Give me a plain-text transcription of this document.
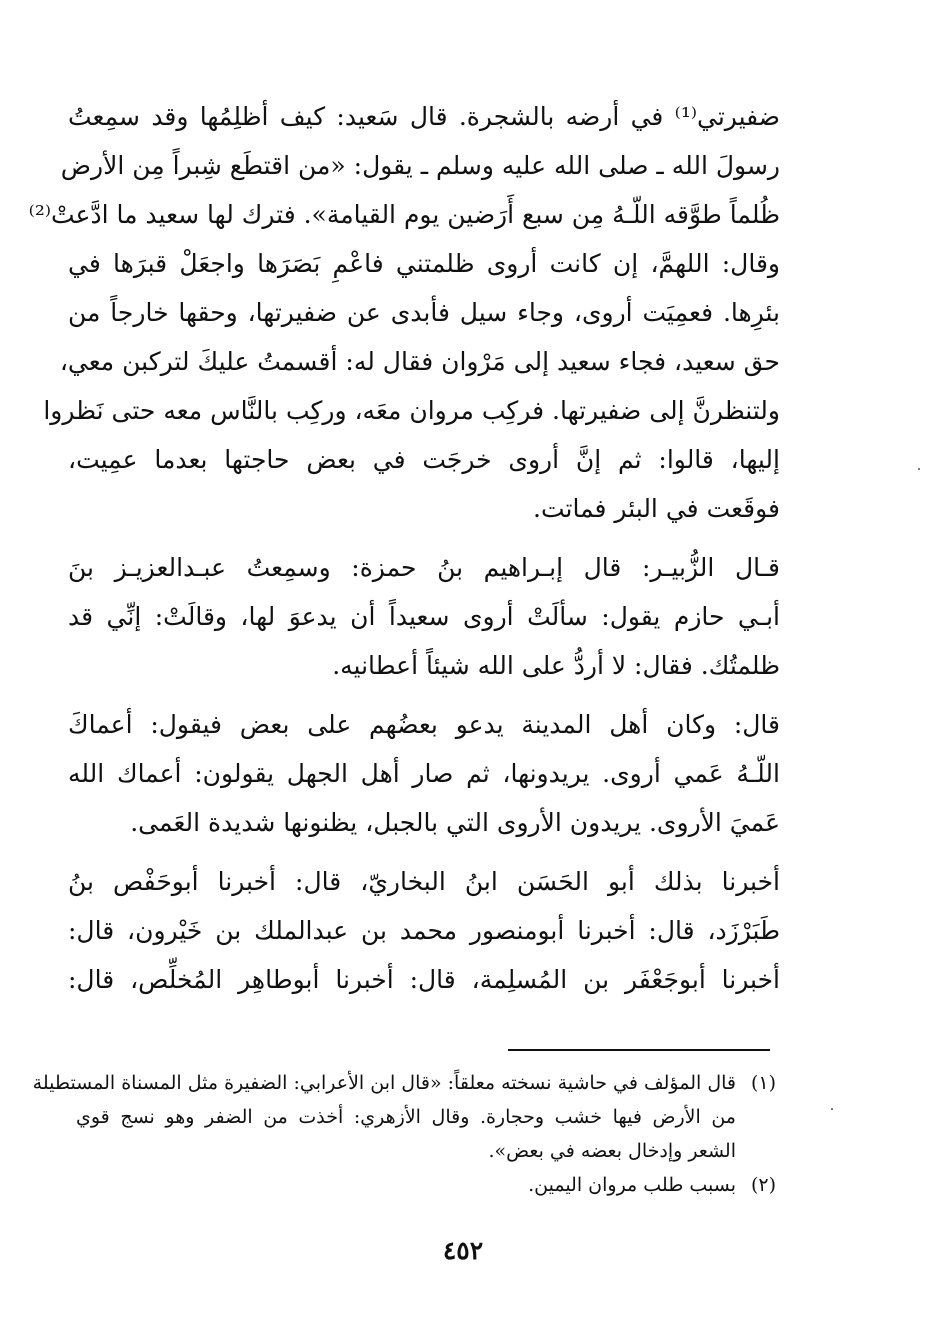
ضفيرتي⁽¹⁾ في أرضه بالشجرة. قال سَعيد: كيف أظلِمُها وقد سمِعتُ
رسولَ الله ـ صلى الله عليه وسلم ـ يقول: «من اقتطَع شِبراً مِن الأرض
ظُلماً طوَّقه اللّـهُ مِن سبع أَرَضين يوم القيامة». فترك لها سعيد ما ادَّعتْ⁽²⁾
وقال: اللهمَّ، إن كانت أروى ظلمتني فاعْمِ بَصَرَها واجعَلْ قبرَها في
بئرِها. فعمِيَت أروى، وجاء سيل فأبدى عن ضفيرتها، وحقها خارجاً من
حق سعيد، فجاء سعيد إلى مَرْوان فقال له: أقسمتُ عليكَ لتركبن معي،
ولتنظرنَّ إلى ضفيرتها. فركِب مروان معَه، وركِب بالنَّاس معه حتى نَظروا
إليها، قالوا: ثم إنَّ أروى خرجَت في بعض حاجتها بعدما عمِيت،
فوقَعت في البئر فماتت.
قـال الزُّبيـر: قال إبـراهيم بنُ حمزة: وسمِعتُ عبـدالعزيـز بنَ
أبـي حازم يقول: سألَتْ أروى سعيداً أن يدعوَ لها، وقالَتْ: إنِّي قد
ظلمتُك. فقال: لا أردُّ على الله شيئاً أعطانيه.
قال: وكان أهل المدينة يدعو بعضُهم على بعض فيقول: أعماكَ
اللّـهُ عَمي أروى. يريدونها، ثم صار أهل الجهل يقولون: أعماك الله
عَميَ الأروى. يريدون الأروى التي بالجبل، يظنونها شديدة العَمى.
أخبرنا بذلك أبو الحَسَن ابنُ البخاريّ، قال: أخبرنا أبوحَفْص بنُ
طَبَرْزَد، قال: أخبرنا أبومنصور محمد بن عبدالملك بن خَيْرون، قال:
أخبرنا أبوجَعْفَر بن المُسلِمة، قال: أخبرنا أبوطاهِر المُخلِّص، قال:
(١)قال المؤلف في حاشية نسخته معلقاً: «قال ابن الأعرابي: الضفيرة مثل المسناة المستطيلة
من الأرض فيها خشب وحجارة. وقال الأزهري: أخذت من الضفر وهو نسج قوي
الشعر وإدخال بعضه في بعض».
(٢)بسبب طلب مروان اليمين.
٤٥٢
